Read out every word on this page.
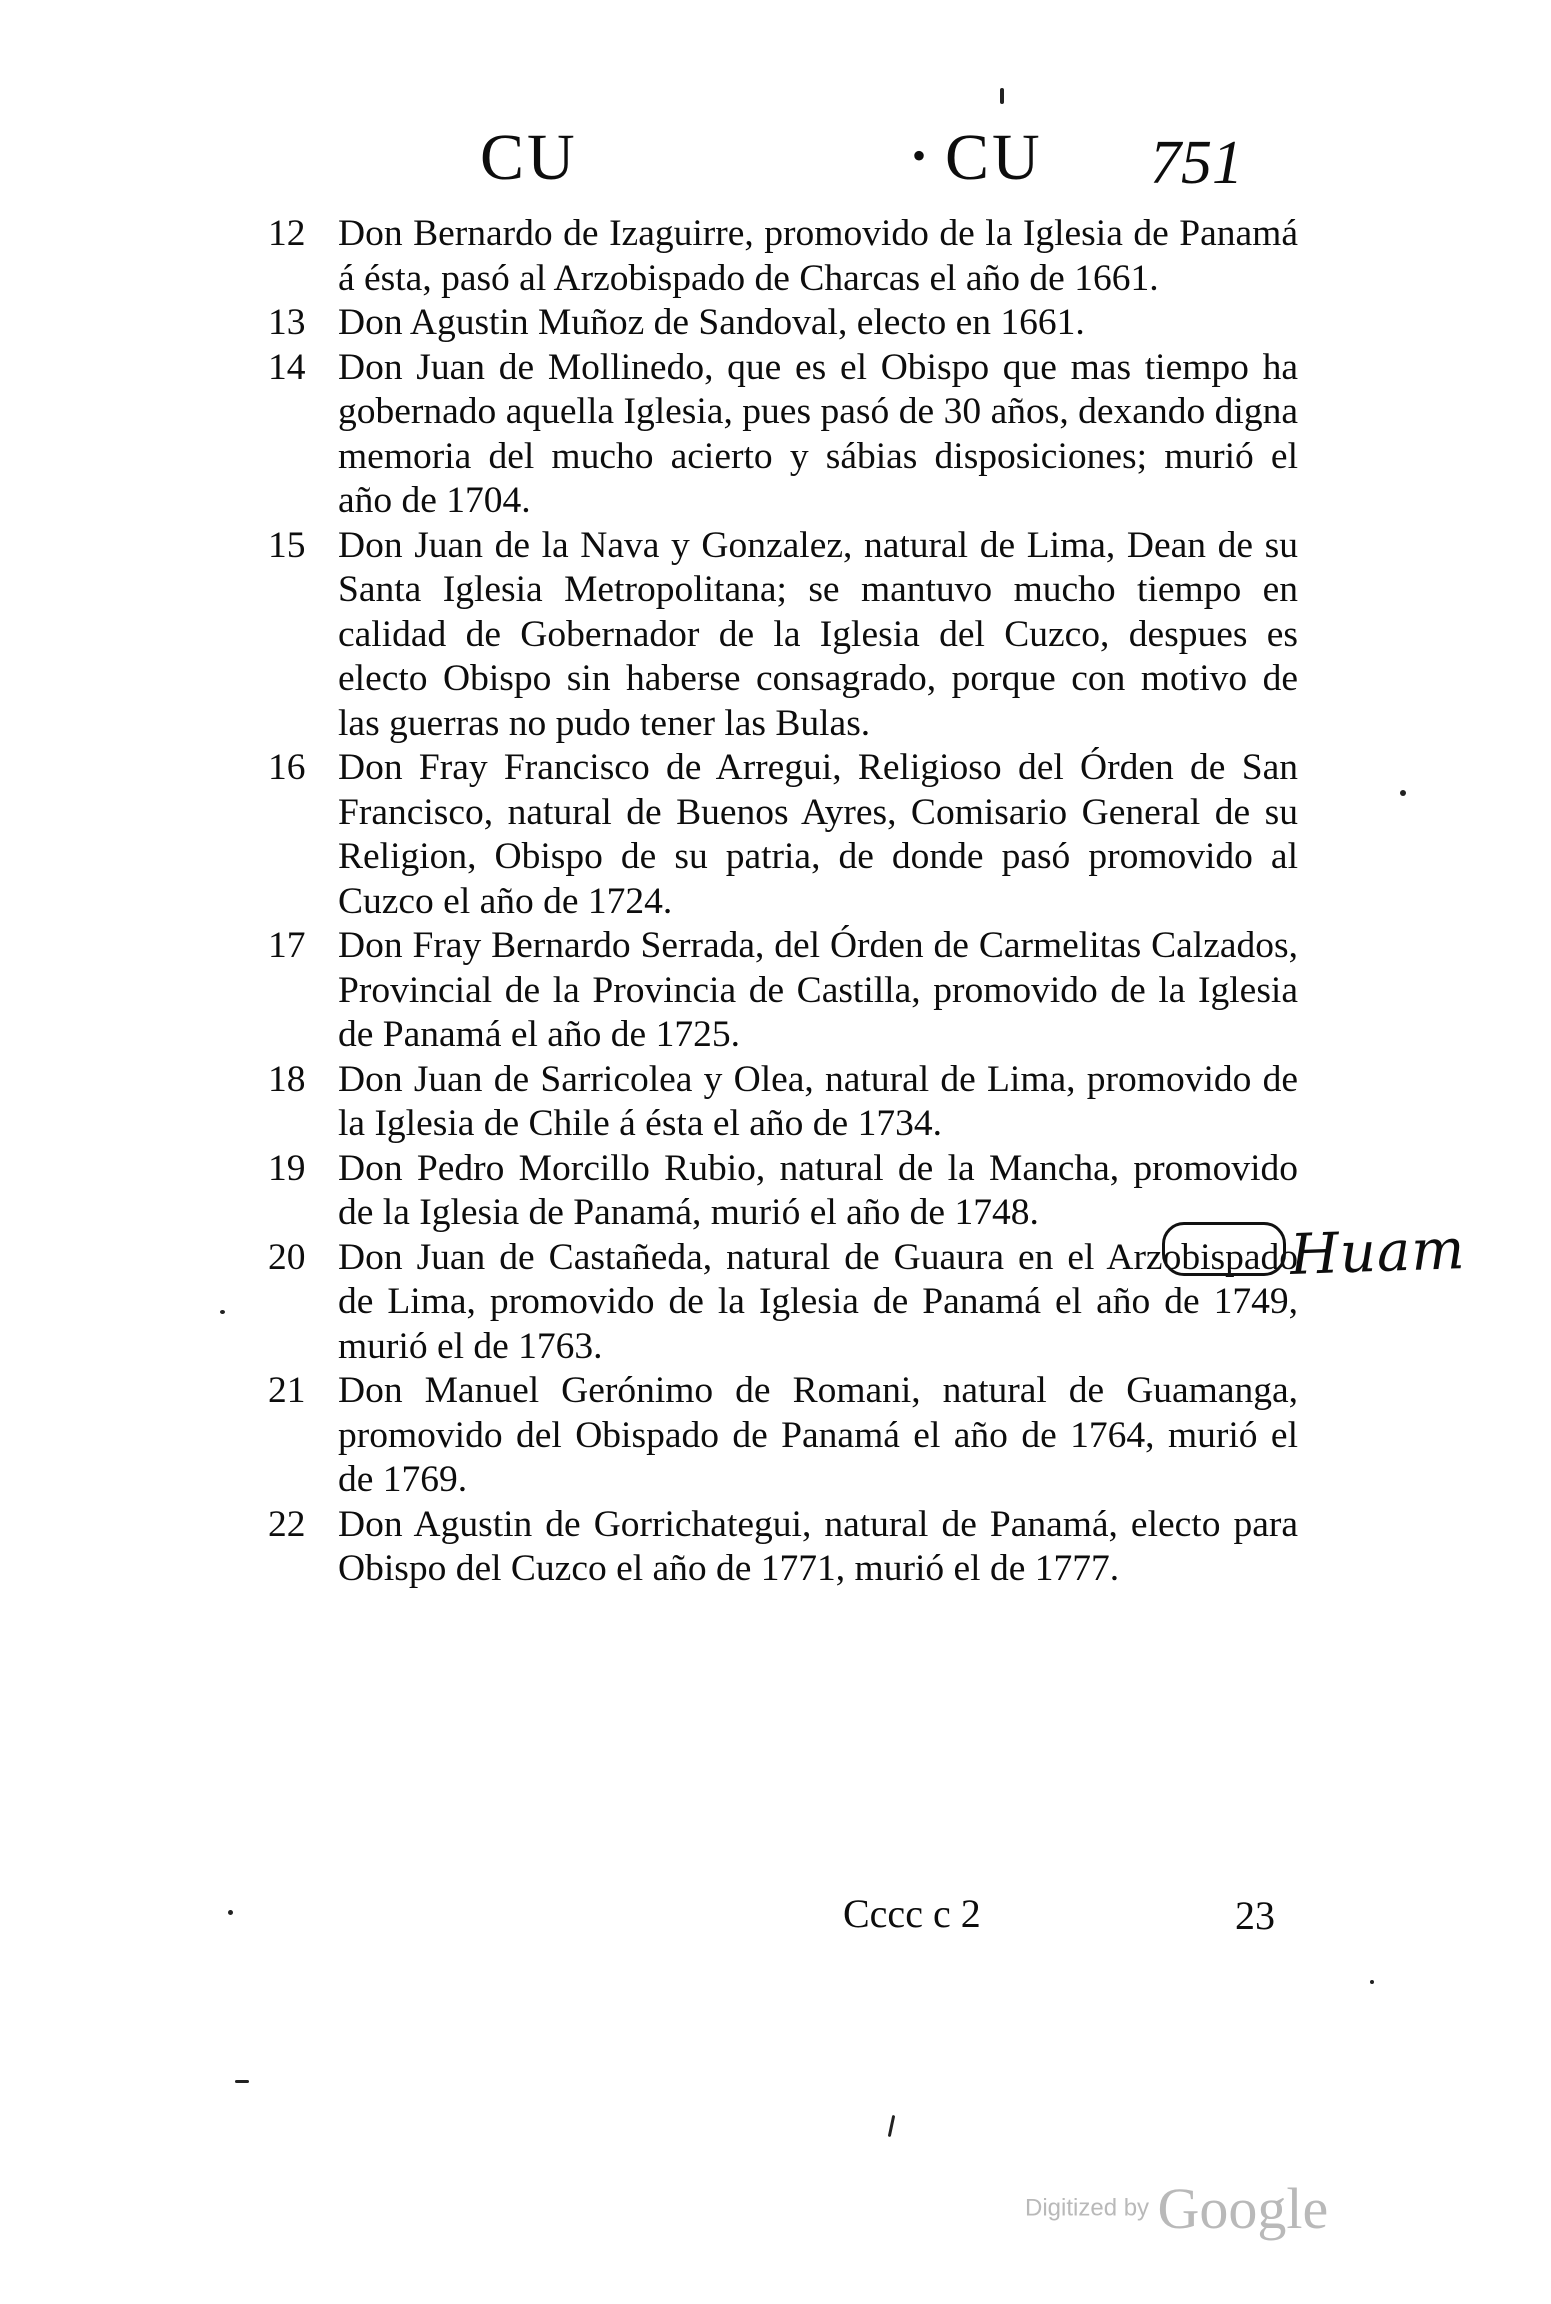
CU	• CU 751

12 Don Bernardo de Izaguirre, promovido de la Iglesia de Panamá á ésta, pasó al Arzobispado de Charcas el año de 1661.

13 Don Agustin Muñoz de Sandoval, electo en 1661.

14 Don Juan de Mollinedo, que es el Obispo que mas tiempo ha gobernado aquella Iglesia, pues pasó de 30 años, dexando digna memoria del mucho acierto y sábias disposiciones; murió el año de 1704.

15 Don Juan de la Nava y Gonzalez, natural de Lima, Dean de su Santa Iglesia Metropolitana; se mantuvo mucho tiempo en calidad de Gobernador de la Iglesia del Cuzco, despues es electo Obispo sin haberse consagrado, porque con motivo de las guerras no pudo tener las Bulas.

16 Don Fray Francisco de Arregui, Religioso del Órden de San Francisco, natural de Buenos Ayres, Comisario General de su Religion, Obispo de su patria, de donde pasó promovido al Cuzco el año de 1724.

17 Don Fray Bernardo Serrada, del Órden de Carmelitas Calzados, Provincial de la Provincia de Castilla, promovido de la Iglesia de Panamá el año de 1725.

18 Don Juan de Sarricolea y Olea, natural de Lima, promovido de la Iglesia de Chile á ésta el año de 1734.

19 Don Pedro Morcillo Rubio, natural de la Mancha, promovido de la Iglesia de Panamá, murió el año de 1748.

20 Don Juan de Castañeda, natural de Guaura en el Arzobispado de Lima, promovido de la Iglesia de Panamá el año de 1749, murió el de 1763.

21 Don Manuel Gerónimo de Romani, natural de Guamanga, promovido del Obispado de Panamá el año de 1764, murió el de 1769.

22 Don Agustin de Gorrichategui, natural de Panamá, electo para Obispo del Cuzco el año de 1771, murió el de 1777.

Huam
Cccc c 2	23
Digitized by Google
